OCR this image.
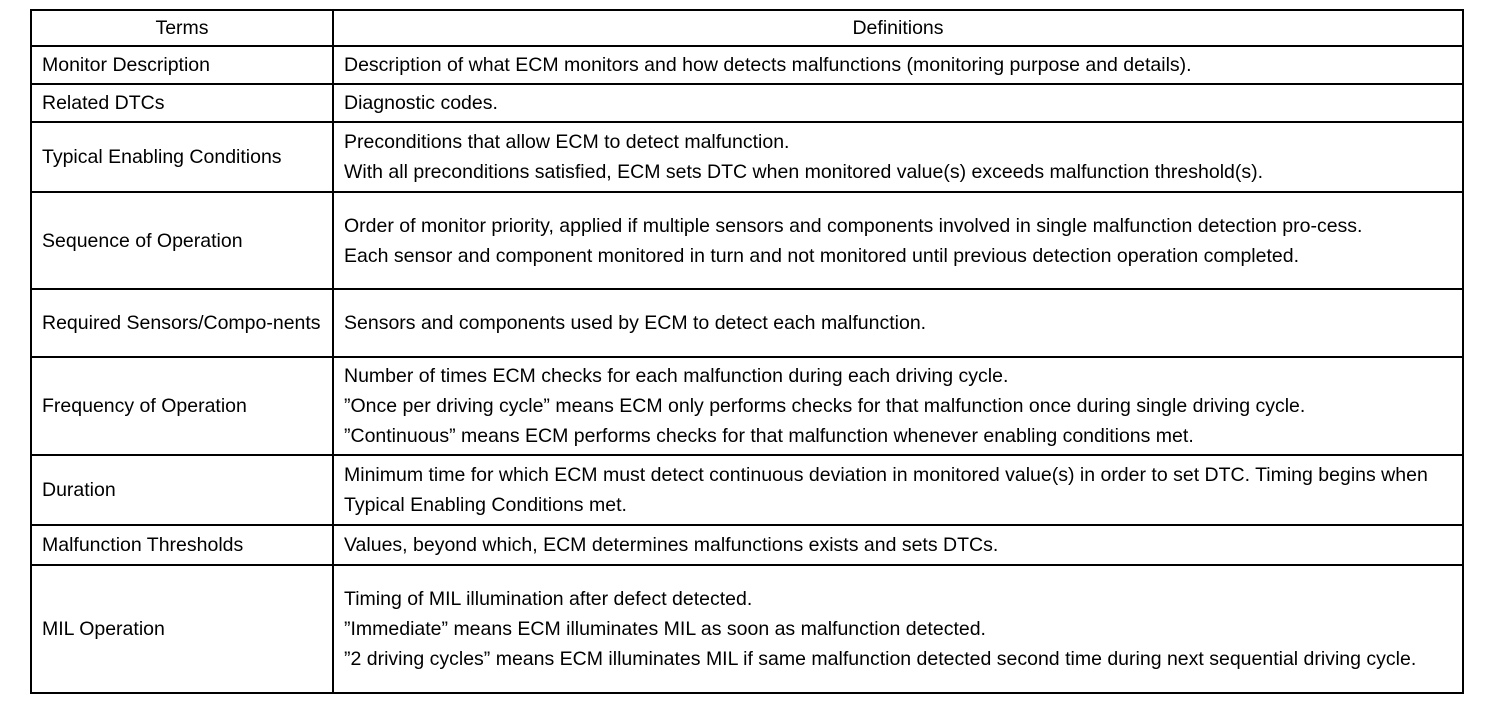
Terms	Definitions
Monitor Description	Description of what ECM monitors and how detects malfunctions (monitoring purpose and details).

Related DTCs	Diagnostic codes.

Typical Enabling Conditions	Preconditions that allow ECM to detect malfunction.
With all preconditions satisfied, ECM sets DTC when monitored value(s) exceeds malfunction threshold(s).

Sequence of Operation	Order of monitor priority, applied if multiple sensors and components involved in single malfunction detection pro-cess.
Each sensor and component monitored in turn and not monitored until previous detection operation completed.

Required Sensors/Compo-nents	Sensors and components used by ECM to detect each malfunction.

Frequency of Operation	Number of times ECM checks for each malfunction during each driving cycle.
”Once per driving cycle” means ECM only performs checks for that malfunction once during single driving cycle.
”Continuous” means ECM performs checks for that malfunction whenever enabling conditions met.

Duration	Minimum time for which ECM must detect continuous deviation in monitored value(s) in order to set DTC. Timing begins when Typical Enabling Conditions met.

Malfunction Thresholds	Values, beyond which, ECM determines malfunctions exists and sets DTCs.

MIL Operation	Timing of MIL illumination after defect detected.
”Immediate” means ECM illuminates MIL as soon as malfunction detected.
”2 driving cycles” means ECM illuminates MIL if same malfunction detected second time during next sequential driving cycle.
